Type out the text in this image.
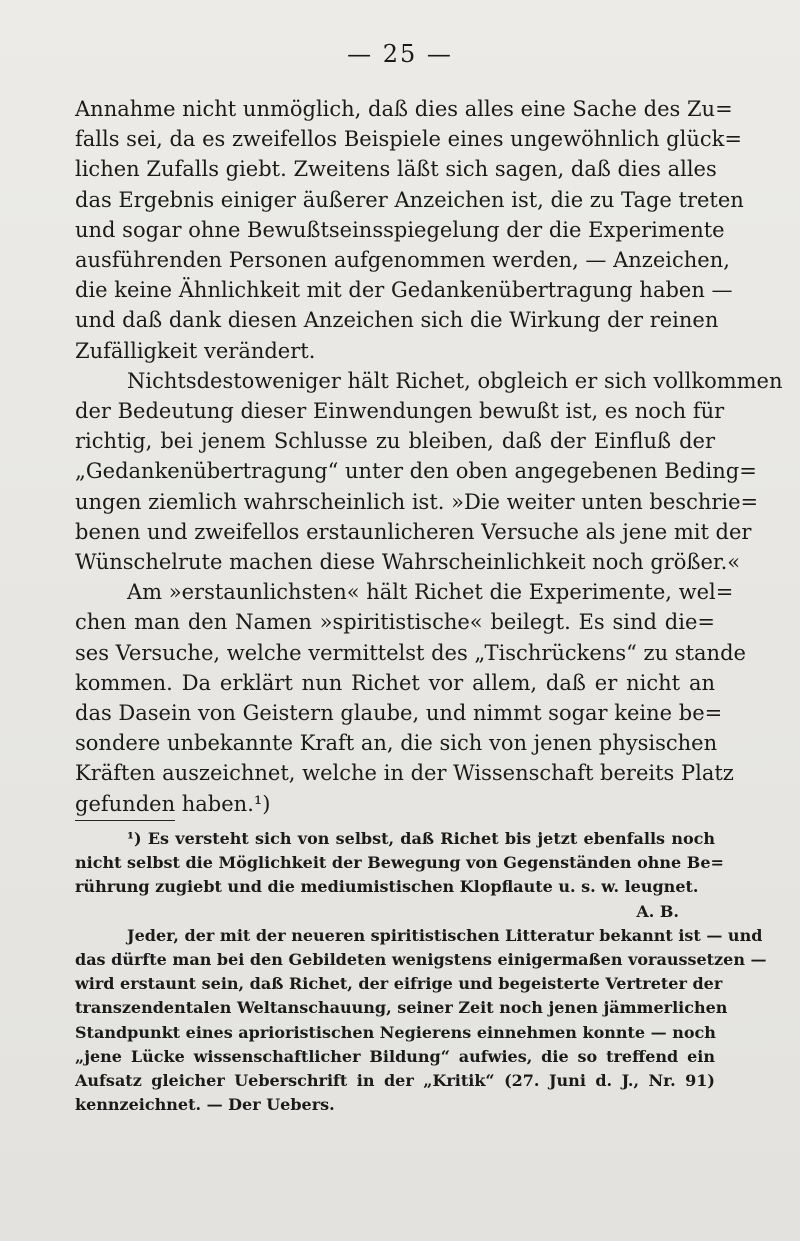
— 25 —

Annahme nicht unmöglich, daß dies alles eine Sache des Zu=
falls sei, da es zweifellos Beispiele eines ungewöhnlich glück=
lichen Zufalls giebt. Zweitens läßt sich sagen, daß dies alles
das Ergebnis einiger äußerer Anzeichen ist, die zu Tage treten
und sogar ohne Bewußtseinsspiegelung der die Experimente
ausführenden Personen aufgenommen werden, — Anzeichen,
die keine Ähnlichkeit mit der Gedankenübertragung haben —
und daß dank diesen Anzeichen sich die Wirkung der reinen
Zufälligkeit verändert.

Nichtsdestoweniger hält Richet, obgleich er sich vollkommen
der Bedeutung dieser Einwendungen bewußt ist, es noch für
richtig, bei jenem Schlusse zu bleiben, daß der Einfluß der
„Gedankenübertragung“ unter den oben angegebenen Beding=
ungen ziemlich wahrscheinlich ist. »Die weiter unten beschrie=
benen und zweifellos erstaunlicheren Versuche als jene mit der
Wünschelrute machen diese Wahrscheinlichkeit noch größer.«

Am »erstaunlichsten« hält Richet die Experimente, wel=
chen man den Namen »spiritistische« beilegt. Es sind die=
ses Versuche, welche vermittelst des „Tischrückens“ zu stande
kommen. Da erklärt nun Richet vor allem, daß er nicht an
das Dasein von Geistern glaube, und nimmt sogar keine be=
sondere unbekannte Kraft an, die sich von jenen physischen
Kräften auszeichnet, welche in der Wissenschaft bereits Platz
gefunden haben.¹)

¹) Es versteht sich von selbst, daß Richet bis jetzt ebenfalls noch
nicht selbst die Möglichkeit der Bewegung von Gegenständen ohne Be=
rührung zugiebt und die mediumistischen Klopflaute u. s. w. leugnet.
A. B.

Jeder, der mit der neueren spiritistischen Litteratur bekannt ist — und
das dürfte man bei den Gebildeten wenigstens einigermaßen voraussetzen —
wird erstaunt sein, daß Richet, der eifrige und begeisterte Vertreter der
transzendentalen Weltanschauung, seiner Zeit noch jenen jämmerlichen
Standpunkt eines aprioristischen Negierens einnehmen konnte — noch
„jene Lücke wissenschaftlicher Bildung“ aufwies, die so treffend ein
Aufsatz gleicher Ueberschrift in der „Kritik“ (27. Juni d. J., Nr. 91)
kennzeichnet. — Der Uebers.
